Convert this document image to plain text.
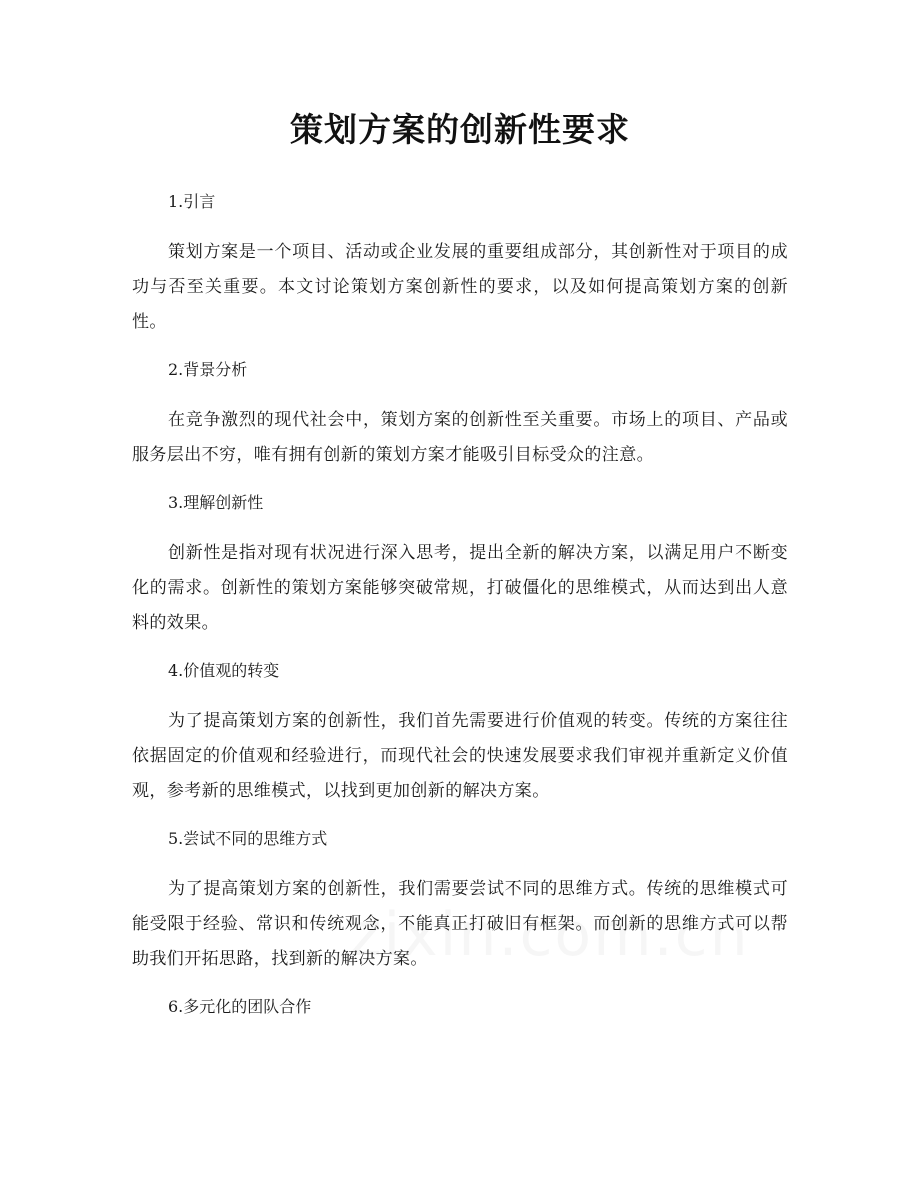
策划方案的创新性要求

1.引言

策划方案是一个项目、活动或企业发展的重要组成部分，其创新性对于项目的成功与否至关重要。本文讨论策划方案创新性的要求，以及如何提高策划方案的创新性。

2.背景分析

在竞争激烈的现代社会中，策划方案的创新性至关重要。市场上的项目、产品或服务层出不穷，唯有拥有创新的策划方案才能吸引目标受众的注意。

3.理解创新性

创新性是指对现有状况进行深入思考，提出全新的解决方案，以满足用户不断变化的需求。创新性的策划方案能够突破常规，打破僵化的思维模式，从而达到出人意料的效果。

4.价值观的转变

为了提高策划方案的创新性，我们首先需要进行价值观的转变。传统的方案往往依据固定的价值观和经验进行，而现代社会的快速发展要求我们审视并重新定义价值观，参考新的思维模式，以找到更加创新的解决方案。

5.尝试不同的思维方式

为了提高策划方案的创新性，我们需要尝试不同的思维方式。传统的思维模式可能受限于经验、常识和传统观念，不能真正打破旧有框架。而创新的思维方式可以帮助我们开拓思路，找到新的解决方案。

6.多元化的团队合作
